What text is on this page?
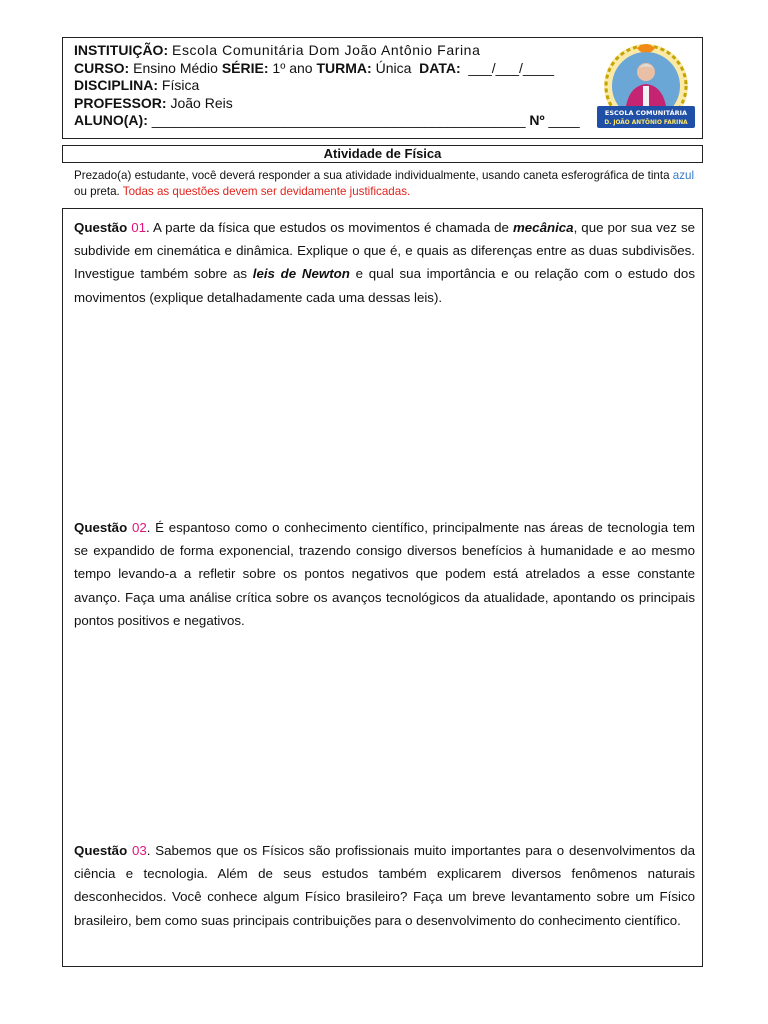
INSTITUIÇÃO: Escola Comunitária Dom João Antônio Farina
CURSO: Ensino Médio SÉRIE: 1º ano TURMA: Única DATA: ___/___/____
DISCIPLINA: Física
PROFESSOR: João Reis
ALUNO(A): ________________________________________________ Nº ____	ESCOLA COMUNITÁRIA
D. JOÃO ANTÔNIO FARINA
Atividade de Física
Prezado(a) estudante, você deverá responder a sua atividade individualmente, usando caneta esferográfica de tinta azul ou preta. Todas as questões devem ser devidamente justificadas.
Questão 01. A parte da física que estudos os movimentos é chamada de mecânica, que por sua vez se subdivide em cinemática e dinâmica. Explique o que é, e quais as diferenças entre as duas subdivisões. Investigue também sobre as leis de Newton e qual sua importância e ou relação com o estudo dos movimentos (explique detalhadamente cada uma dessas leis).
Questão 02. É espantoso como o conhecimento científico, principalmente nas áreas de tecnologia tem se expandido de forma exponencial, trazendo consigo diversos benefícios à humanidade e ao mesmo tempo levando-a a refletir sobre os pontos negativos que podem está atrelados a esse constante avanço. Faça uma análise crítica sobre os avanços tecnológicos da atualidade, apontando os principais pontos positivos e negativos.
Questão 03. Sabemos que os Físicos são profissionais muito importantes para o desenvolvimentos da ciência e tecnologia. Além de seus estudos também explicarem diversos fenômenos naturais desconhecidos. Você conhece algum Físico brasileiro? Faça um breve levantamento sobre um Físico brasileiro, bem como suas principais contribuições para o desenvolvimento do conhecimento científico.
